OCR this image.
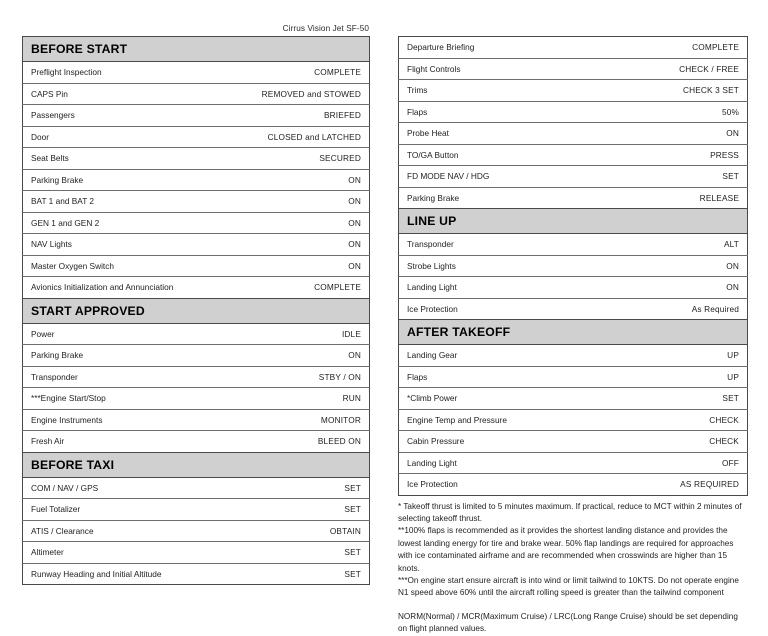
Cirrus Vision Jet SF-50
BEFORE START	
Preflight Inspection	COMPLETE
CAPS Pin	REMOVED and STOWED
Passengers	BRIEFED
Door	CLOSED and LATCHED
Seat Belts	SECURED
Parking Brake	ON
BAT 1 and BAT 2	ON
GEN 1 and GEN 2	ON
NAV Lights	ON
Master Oxygen Switch	ON
Avionics Initialization and Annunciation	COMPLETE
START APPROVED	
Power	IDLE
Parking Brake	ON
Transponder	STBY / ON
***Engine Start/Stop	RUN
Engine Instruments	MONITOR
Fresh Air	BLEED ON
BEFORE TAXI	
COM / NAV / GPS	SET
Fuel Totalizer	SET
ATIS / Clearance	OBTAIN
Altimeter	SET
Runway Heading and Initial Altitude	SET
Departure Briefing	COMPLETE
Flight Controls	CHECK / FREE
Trims	CHECK 3 SET
Flaps	50%
Probe Heat	ON
TO/GA Button	PRESS
FD MODE NAV / HDG	SET
Parking Brake	RELEASE
LINE UP	
Transponder	ALT
Strobe Lights	ON
Landing Light	ON
Ice Protection	As Required
AFTER TAKEOFF	
Landing Gear	UP
Flaps	UP
*Climb Power	SET
Engine Temp and Pressure	CHECK
Cabin Pressure	CHECK
Landing Light	OFF
Ice Protection	AS REQUIRED

* Takeoff thrust is limited to 5 minutes maximum. If practical, reduce to MCT within 2 minutes of selecting takeoff thrust.

**100% flaps is recommended as it provides the shortest landing distance and provides the lowest landing energy for tire and brake wear. 50% flap landings are required for approaches with ice contaminated airframe and are recommended when crosswinds are higher than 15 knots.

***On engine start ensure aircraft is into wind or limit tailwind to 10KTS. Do not operate engine N1 speed above 60% until the aircraft rolling speed is greater than the tailwind component

NORM(Normal) / MCR(Maximum Cruise) / LRC(Long Range Cruise) should be set depending on flight planned values.
